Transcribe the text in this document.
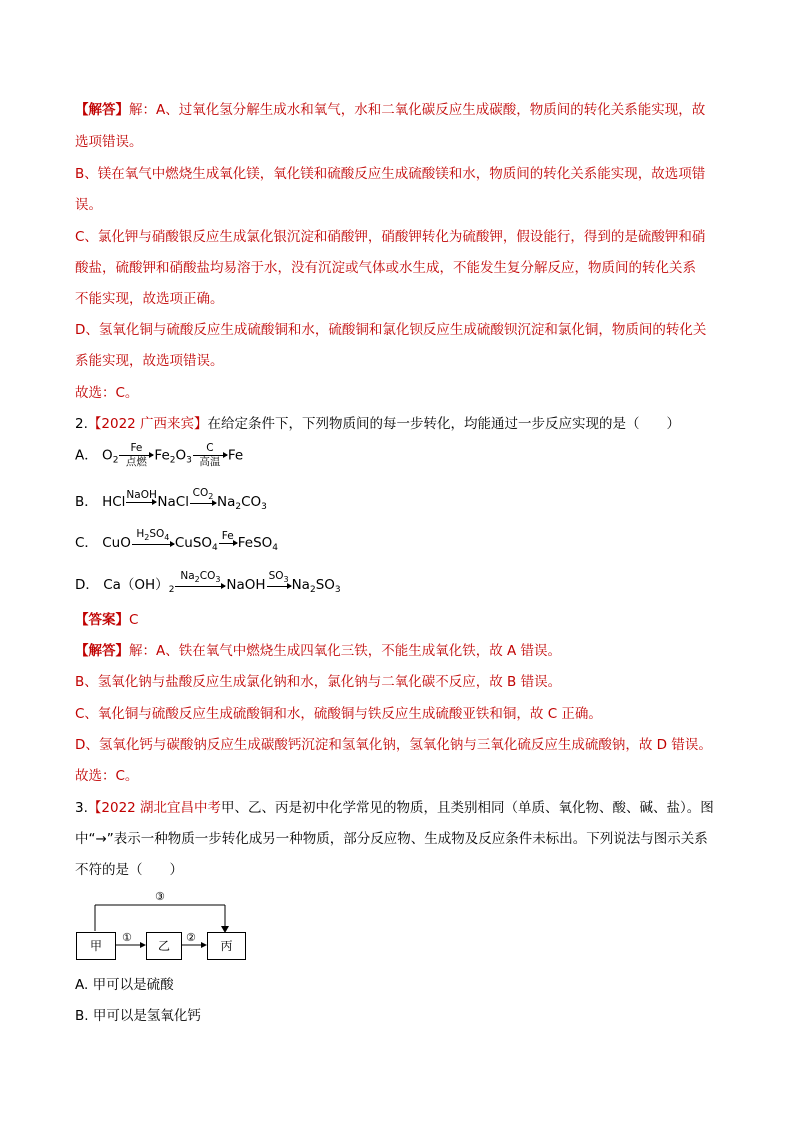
【解答】解：A、过氧化氢分解生成水和氧气，水和二氧化碳反应生成碳酸，物质间的转化关系能实现，故
选项错误。
B、镁在氧气中燃烧生成氧化镁，氧化镁和硫酸反应生成硫酸镁和水，物质间的转化关系能实现，故选项错
误。
C、氯化钾与硝酸银反应生成氯化银沉淀和硝酸钾，硝酸钾转化为硫酸钾，假设能行，得到的是硫酸钾和硝
酸盐，硫酸钾和硝酸盐均易溶于水，没有沉淀或气体或水生成，不能发生复分解反应，物质间的转化关系
不能实现，故选项正确。
D、氢氧化铜与硫酸反应生成硫酸铜和水，硫酸铜和氯化钡反应生成硫酸钡沉淀和氯化铜，物质间的转化关
系能实现，故选项错误。
故选：C。
2.【2022 广西来宾】在给定条件下，下列物质间的每一步转化，均能通过一步反应实现的是（　　）
A． $O_2$
Fe
点燃 $Fe_2O_3$
C
高温 Fe
B． HCl NaOH
NaCl
$CO_2$
$Na_2CO_3$
C． CuO
$H_2SO_4$
CuSO$_4$
Fe
FeSO$_4$
D． $Ca(OH)_2$
$Na_2CO_3$
NaOH
$SO_3$
$Na_2SO_3$
【答案】C
【解答】解：A、铁在氧气中燃烧生成四氧化三铁，不能生成氧化铁，故 A 错误。
B、氢氧化钠与盐酸反应生成氯化钠和水，氯化钠与二氧化碳不反应，故 B 错误。
C、氧化铜与硫酸反应生成硫酸铜和水，硫酸铜与铁反应生成硫酸亚铁和铜，故 C 正确。
D、氢氧化钙与碳酸钠反应生成碳酸钙沉淀和氢氧化钠，氢氧化钠与三氧化硫反应生成硫酸钠，故 D 错误。
故选：C。
3.【2022 湖北宜昌中考甲、乙、丙是初中化学常见的物质，且类别相同（单质、氧化物、酸、碱、盐）。图
中“→”表示一种物质一步转化成另一种物质，部分反应物、生成物及反应条件未标出。下列说法与图示关系
不符的是（　　）
③
甲
①
乙
②
丙
A. 甲可以是硫酸
B. 甲可以是氢氧化钙
